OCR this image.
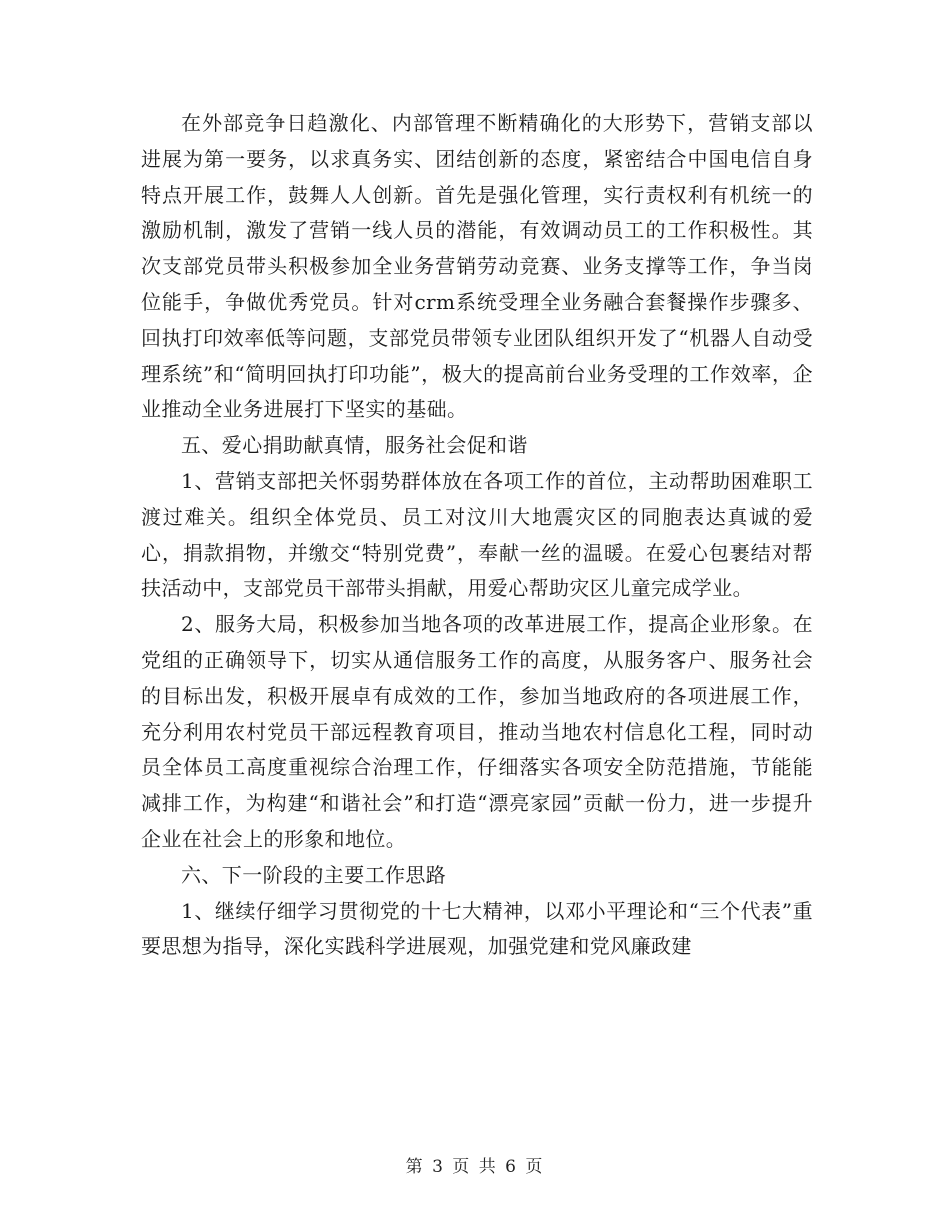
在外部竞争日趋激化、内部管理不断精确化的大形势下，营销支部以进展为第一要务，以求真务实、团结创新的态度，紧密结合中国电信自身特点开展工作，鼓舞人人创新。首先是强化管理，实行责权利有机统一的激励机制，激发了营销一线人员的潜能，有效调动员工的工作积极性。其次支部党员带头积极参加全业务营销劳动竞赛、业务支撑等工作，争当岗位能手，争做优秀党员。针对crm系统受理全业务融合套餐操作步骤多、回执打印效率低等问题，支部党员带领专业团队组织开发了“机器人自动受理系统”和“简明回执打印功能”，极大的提高前台业务受理的工作效率，企业推动全业务进展打下坚实的基础。

五、爱心捐助献真情，服务社会促和谐

1、营销支部把关怀弱势群体放在各项工作的首位，主动帮助困难职工渡过难关。组织全体党员、员工对汶川大地震灾区的同胞表达真诚的爱心，捐款捐物，并缴交“特别党费”，奉献一丝的温暖。在爱心包裹结对帮扶活动中，支部党员干部带头捐献，用爱心帮助灾区儿童完成学业。

2、服务大局，积极参加当地各项的改革进展工作，提高企业形象。在党组的正确领导下，切实从通信服务工作的高度，从服务客户、服务社会的目标出发，积极开展卓有成效的工作，参加当地政府的各项进展工作，充分利用农村党员干部远程教育项目，推动当地农村信息化工程，同时动员全体员工高度重视综合治理工作，仔细落实各项安全防范措施，节能能减排工作，为构建“和谐社会”和打造“漂亮家园”贡献一份力，进一步提升企业在社会上的形象和地位。

六、下一阶段的主要工作思路

1、继续仔细学习贯彻党的十七大精神，以邓小平理论和“三个代表”重要思想为指导，深化实践科学进展观，加强党建和党风廉政建

第 3 页 共 6 页
